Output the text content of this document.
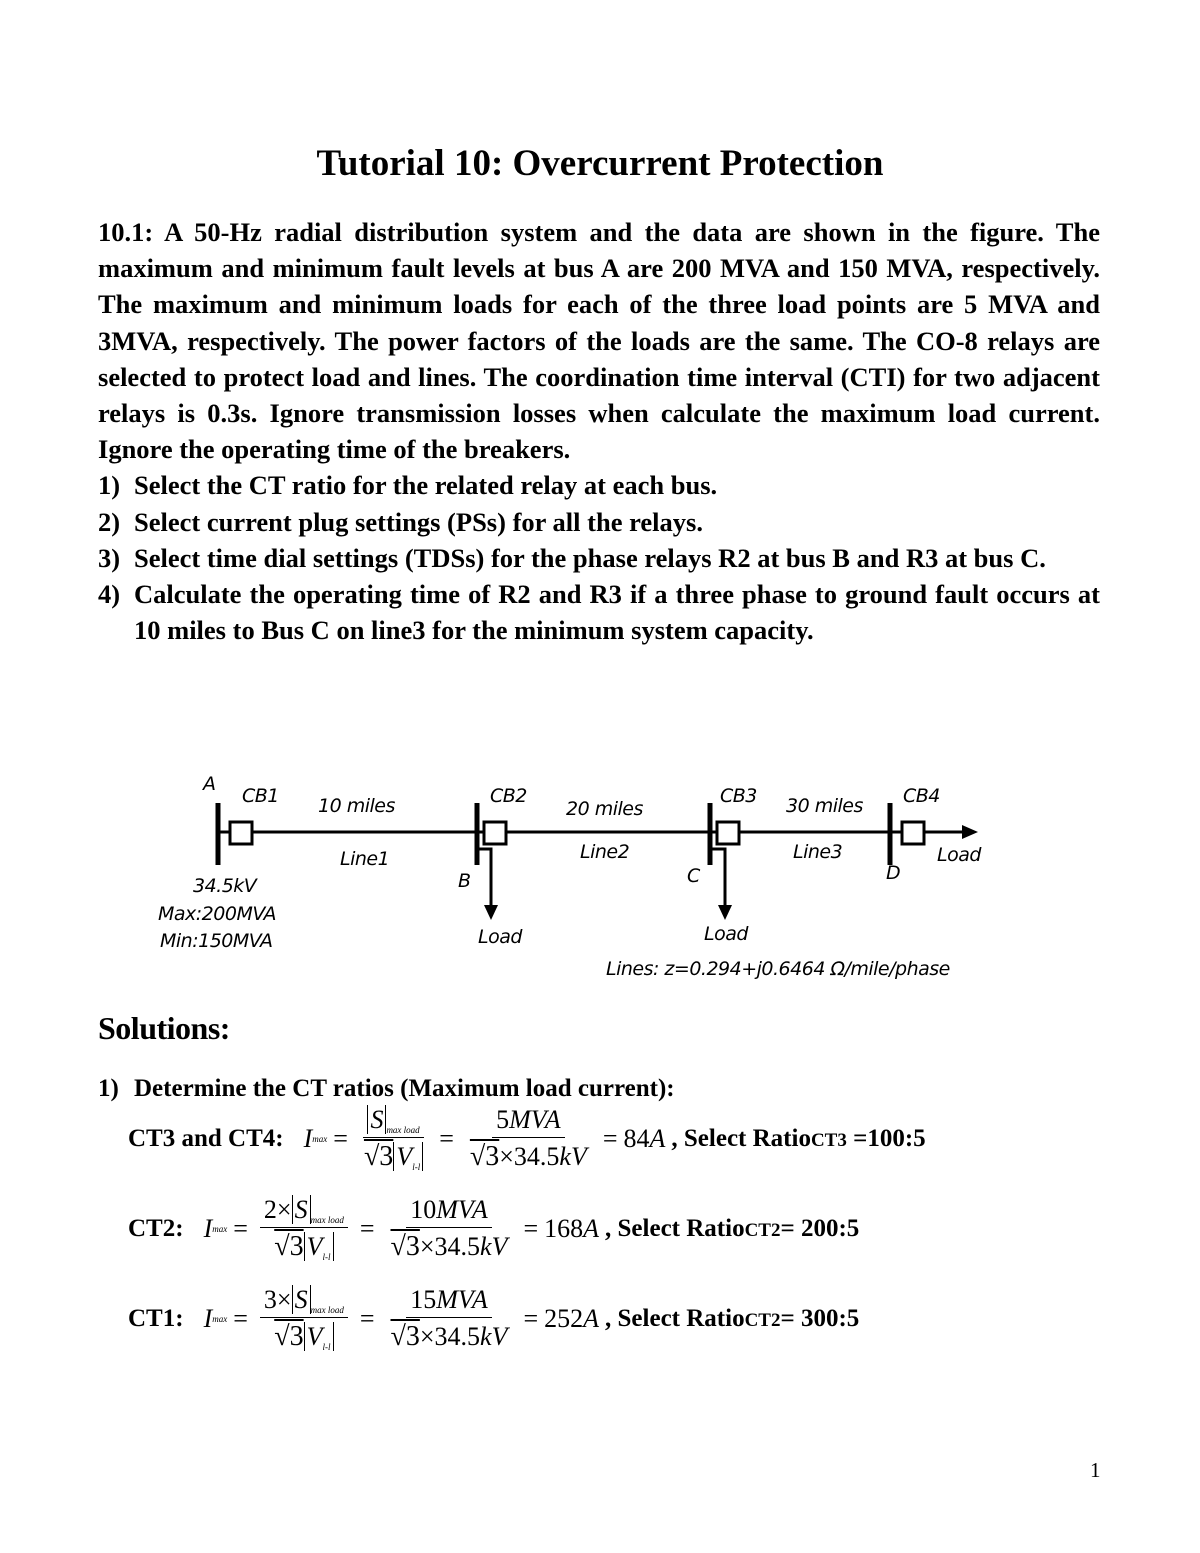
Tutorial 10: Overcurrent Protection

10.1: A 50-Hz radial distribution system and the data are shown in the figure. The maximum and minimum fault levels at bus A are 200 MVA and 150 MVA, respectively. The maximum and minimum loads for each of the three load points are 5 MVA and 3MVA, respectively. The power factors of the loads are the same. The CO-8 relays are selected to protect load and lines. The coordination time interval (CTI) for two adjacent relays is 0.3s. Ignore transmission losses when calculate the maximum load current. Ignore the operating time of the breakers.

1) Select the CT ratio for the related relay at each bus.
2) Select current plug settings (PSs) for all the relays.
3) Select time dial settings (TDSs) for the phase relays R2 at bus B and R3 at bus C.
4) Calculate the operating time of R2 and R3 if a three phase to ground fault occurs at 10 miles to Bus C on line3 for the minimum system capacity.
A
CB1 10 miles	CB2
20 miles
CB3 30 miles CB4
Line1	Line2	Line3	Load
B	C	D
34.5kV
Max:200MVA
Min:150MVA	Load	Load
Lines: z=0.294+j0.6464 Ω/mile/phase
Solutions:
1) Determine the CT ratios (Maximum load current):
CT3 and CT4: I $\max = \frac{S _{max load}}{√3 V_{l-l}} = \frac{\text{5MVA}}{√3\times 34.5kV} = 84$ A , Select RatioCT3 =100:5
CT2: I $\max = \frac{2\times S _{max load}}{√3 V_{l-l}} = \frac{\text{10MVA}}{√3\times 34.5kV} = 168$ A , Select RatioCT2= 200:5
CT1: I $\max = \frac{3\times S _{max load}}{√3 V_{l-l}} = \frac{\text{15MVA}}{√3\times 34.5kV} = 252$ A , Select RatioCT2= 300:5
1
